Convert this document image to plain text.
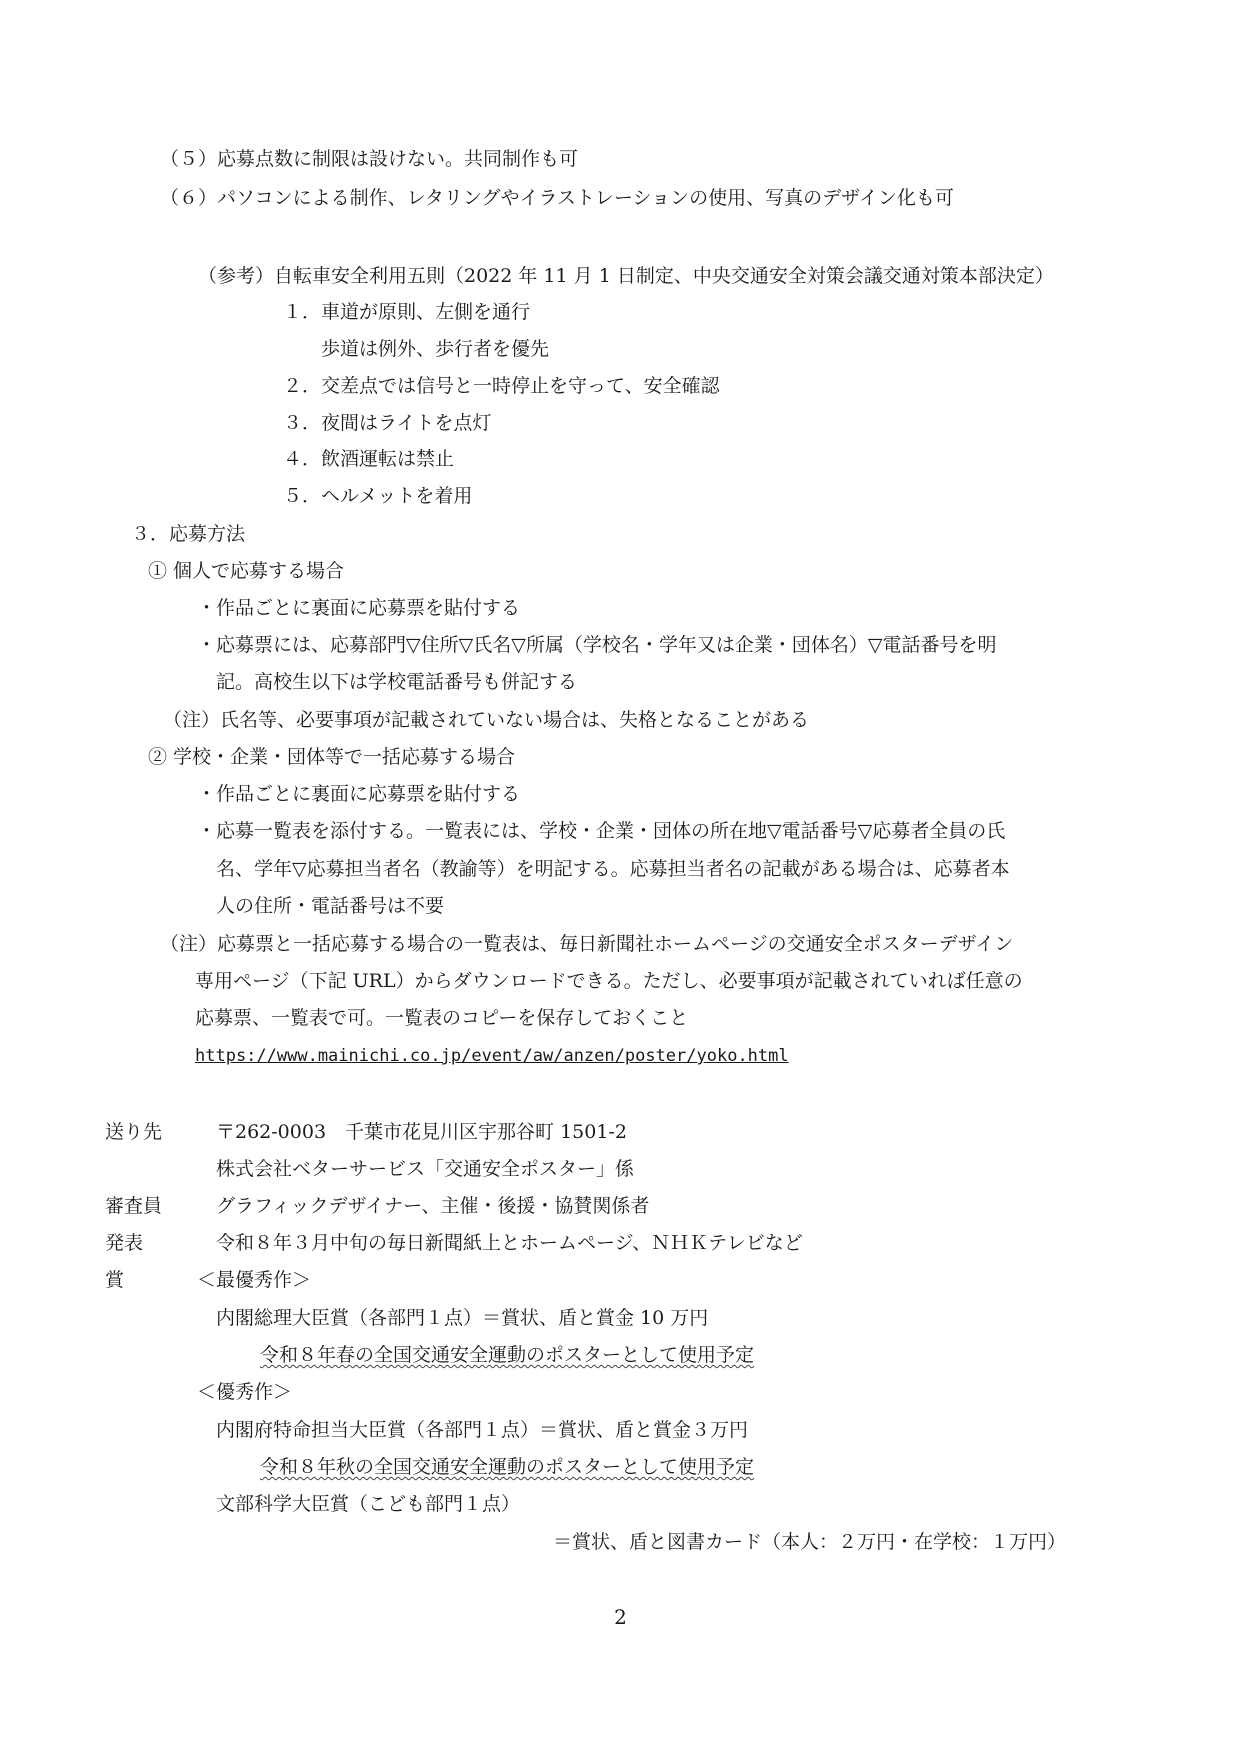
（５）応募点数に制限は設けない。共同制作も可
（６）パソコンによる制作、レタリングやイラストレーションの使用、写真のデザイン化も可
（参考）自転車安全利用五則（2022 年 11 月 1 日制定、中央交通安全対策会議交通対策本部決定）
１．車道が原則、左側を通行
歩道は例外、歩行者を優先
２．交差点では信号と一時停止を守って、安全確認
３．夜間はライトを点灯
４．飲酒運転は禁止
５．ヘルメットを着用
３．応募方法
① 個人で応募する場合
・作品ごとに裏面に応募票を貼付する
・応募票には、応募部門▽住所▽氏名▽所属（学校名・学年又は企業・団体名）▽電話番号を明
記。高校生以下は学校電話番号も併記する
（注）氏名等、必要事項が記載されていない場合は、失格となることがある
② 学校・企業・団体等で一括応募する場合
・作品ごとに裏面に応募票を貼付する
・応募一覧表を添付する。一覧表には、学校・企業・団体の所在地▽電話番号▽応募者全員の氏
名、学年▽応募担当者名（教諭等）を明記する。応募担当者名の記載がある場合は、応募者本
人の住所・電話番号は不要
（注）応募票と一括応募する場合の一覧表は、毎日新聞社ホームページの交通安全ポスターデザイン
専用ページ（下記 URL）からダウンロードできる。ただし、必要事項が記載されていれば任意の
応募票、一覧表で可。一覧表のコピーを保存しておくこと
https://www.mainichi.co.jp/event/aw/anzen/poster/yoko.html
送り先	〒262-0003　千葉市花見川区宇那谷町 1501-2
株式会社ベターサービス「交通安全ポスター」係
審査員	グラフィックデザイナー、主催・後援・協賛関係者
発表	令和８年３月中旬の毎日新聞紙上とホームページ、ＮＨＫテレビなど
賞	＜最優秀作＞
内閣総理大臣賞（各部門１点）＝賞状、盾と賞金 10 万円
令和８年春の全国交通安全運動のポスターとして使用予定
＜優秀作＞
内閣府特命担当大臣賞（各部門１点）＝賞状、盾と賞金３万円
令和８年秋の全国交通安全運動のポスターとして使用予定
文部科学大臣賞（こども部門１点）
＝賞状、盾と図書カード（本人：２万円・在学校：１万円）
2
